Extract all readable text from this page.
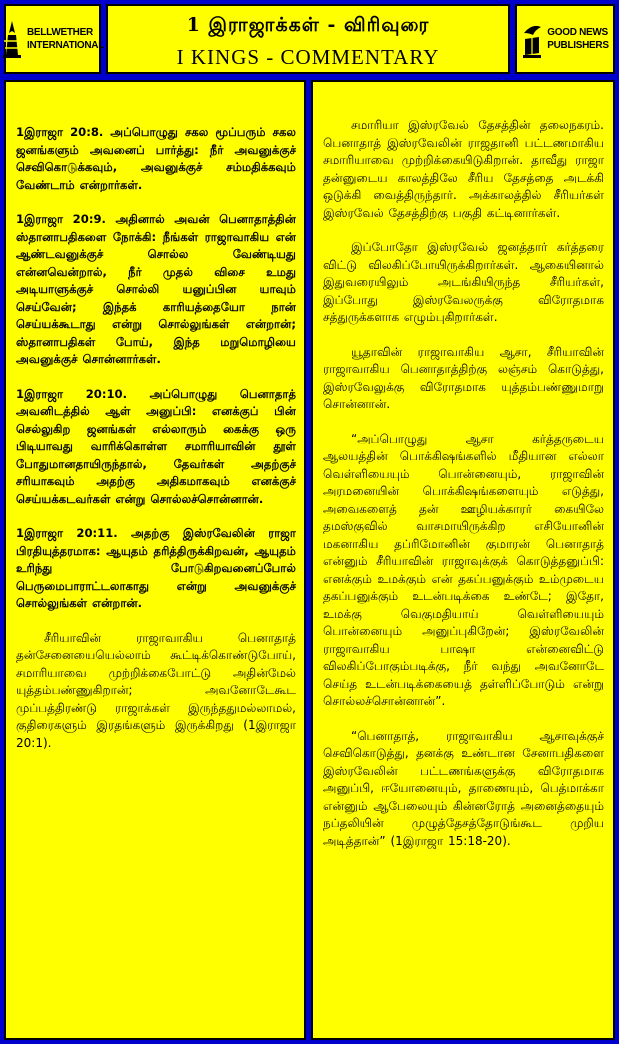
BELLWETHER
INTERNATIONAL
1 இராஜாக்கள் - விரிவுரை
I KINGS - COMMENTARY
GOOD NEWS
PUBLISHERS

1இராஜா 20:8. அப்பொழுது சகல மூப்பரும் சகல ஜனங்களும் அவனைப் பார்த்து: நீர் அவனுக்குச் செவிகொடுக்கவும், அவனுக்குச் சம்மதிக்கவும் வேண்டாம் என்றார்கள்.

1இராஜா 20:9. அதினால் அவன் பெனாதாத்தின் ஸ்தானாபதிகளை நோக்கி: நீங்கள் ராஜாவாகிய என் ஆண்டவனுக்குச் சொல்ல வேண்டியது என்னவென்றால், நீர் முதல் விசை உமது அடியாளுக்குச் சொல்லி யனுப்பின யாவும் செய்வேன்; இந்தக் காரியத்தையோ நான் செய்யக்கூடாது என்று சொல்லுங்கள் என்றான்; ஸ்தானாபதிகள் போய், இந்த மறுமொழியை அவனுக்குச் சொன்னார்கள்.

1இராஜா 20:10. அப்பொழுது பெனாதாத் அவனிடத்தில் ஆள் அனுப்பி: எனக்குப் பின் செல்லுகிற ஜனங்கள் எல்லாரும் கைக்கு ஒரு பிடியாவது வாரிக்கொள்ள சமாரியாவின் தூள் போதுமானதாயிருந்தால், தேவர்கள் அதற்குச் சரியாகவும் அதற்கு அதிகமாகவும் எனக்குச் செய்யக்கடவர்கள் என்று சொல்லச்சொன்னான்.

1இராஜா 20:11. அதற்கு இஸ்ரவேலின் ராஜா பிரதியுத்தரமாக: ஆயுதம் தரித்திருக்கிறவன், ஆயுதம் உரிந்து போடுகிறவனைப்போல் பெருமைபாராட்டலாகாது என்று அவனுக்குச் சொல்லுங்கள் என்றான்.

சீரியாவின் ராஜாவாகிய பெனாதாத் தன்சேனையையெல்லாம் கூட்டிக்கொண்டுபோய், சமாரியாவை முற்றிக்கைபோட்டு அதின்மேல் யுத்தம்பண்ணுகிறான்; அவனோடேகூட முப்பத்திரண்டு ராஜாக்கள் இருந்ததுமல்லாமல், குதிரைகளும் இரதங்களும் இருக்கிறது (1இராஜா 20:1).

சமாரியா இஸ்ரவேல் தேசத்தின் தலைநகரம். பெனாதாத் இஸ்ரவேலின் ராஜதானி பட்டணமாகிய சமாரியாவை முற்றிக்கையிடுகிறான். தாவீது ராஜா தன்னுடைய காலத்திலே சீரிய தேசத்தை அடக்கி ஒடுக்கி வைத்திருந்தார். அக்காலத்தில் சீரியர்கள் இஸ்ரவேல் தேசத்திற்கு பகுதி கட்டினார்கள்.

இப்போதோ இஸ்ரவேல் ஜனத்தார் கர்த்தரை விட்டு விலகிப்போயிருக்கிறார்கள். ஆகையினால் இதுவரையிலும் அடங்கியிருந்த சீரியர்கள், இப்போது இஸ்ரவேலருக்கு விரோதமாக சத்துருக்களாக எழும்புகிறார்கள்.

யூதாவின் ராஜாவாகிய ஆசா, சீரியாவின் ராஜாவாகிய பெனாதாத்திற்கு லஞ்சம் கொடுத்து, இஸ்ரவேலுக்கு விரோதமாக யுத்தம்பண்ணுமாறு சொன்னான்.

“அப்பொழுது ஆசா கர்த்தருடைய ஆலயத்தின் பொக்கிஷங்களில் மீதியான எல்லா வெள்ளியையும் பொன்னையும், ராஜாவின் அரமனையின் பொக்கிஷங்களையும் எடுத்து, அவைகளைத் தன் ஊழியக்காரர் கையிலே தமஸ்குவில் வாசமாயிருக்கிற எசியோனின் மகனாகிய தப்ரிமோனின் குமாரன் பெனாதாத் என்னும் சீரியாவின் ராஜாவுக்குக் கொடுத்தனுப்பி: எனக்கும் உமக்கும் என் தகப்பனுக்கும் உம்முடைய தகப்பனுக்கும் உடன்படிக்கை உண்டே; இதோ, உமக்கு வெகுமதியாய் வெள்ளியையும் பொன்னையும் அனுப்புகிறேன்; இஸ்ரவேலின் ராஜாவாகிய பாஷா என்னைவிட்டு விலகிப்போகும்படிக்கு, நீர் வந்து அவனோடே செய்த உடன்படிக்கையைத் தள்ளிப்போடும் என்று சொல்லச்சொன்னான்”.

“பெனாதாத், ராஜாவாகிய ஆசாவுக்குச் செவிகொடுத்து, தனக்கு உண்டான சேனாபதிகளை இஸ்ரவேலின் பட்டணங்களுக்கு விரோதமாக அனுப்பி, ஈயோனையும், தாணையும், பெத்மாக்கா என்னும் ஆபேலையும் கின்னரோத் அனைத்தையும் நப்தலியின் முழுத்தேசத்தோடுங்கூட முறிய அடித்தான்” (1இராஜா 15:18-20).
